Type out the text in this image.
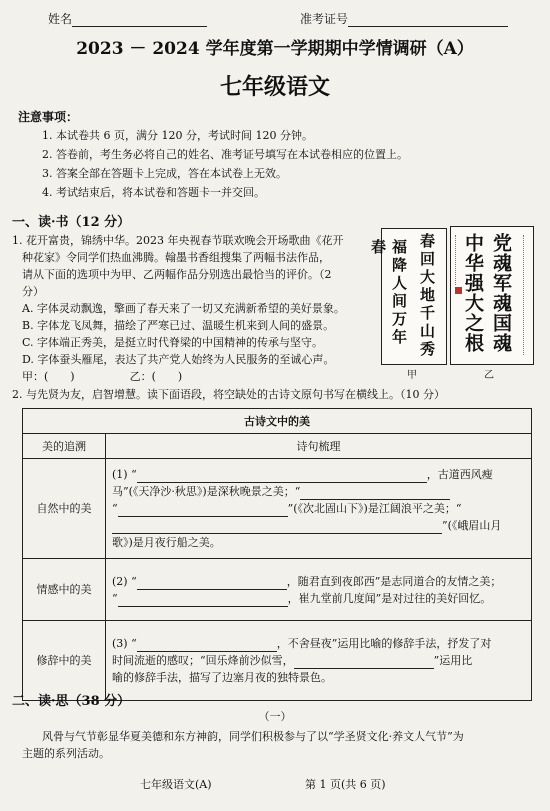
姓名	准考证号
2023 － 2024 学年度第一学期期中学情调研（A）
七年级语文
注意事项：
1. 本试卷共 6 页，满分 120 分，考试时间 120 分钟。
2. 答卷前，考生务必将自己的姓名、准考证号填写在本试卷相应的位置上。
3. 答案全部在答题卡上完成，答在本试卷上无效。
4. 考试结束后，将本试卷和答题卡一并交回。
一、读·书（12 分）
1. 花开富贵，锦绣中华。2023 年央视春节联欢晚会开场歌曲《花开
种花家》令同学们热血沸腾。翰墨书香组搜集了两幅书法作品，
请从下面的选项中为甲、乙两幅作品分别选出最恰当的评价。（2
分）
A. 字体灵动飘逸，擎画了春天来了一切又充满新希望的美好景象。
B. 字体龙飞凤舞，描绘了严寒已过、温暖生机来到人间的盛景。
C. 字体端正秀美，是挺立时代脊梁的中国精神的传承与坚守。
D. 字体蚕头雁尾，表达了共产党人始终为人民服务的至诚心声。
甲：(　　)　　　　　乙：(　　)
春回大地千山秀
福降人间万年春
甲
党魂军魂国魂
中华强大之根
乙
2. 与先贤为友，启智增慧。读下面语段，将空缺处的古诗文原句书写在横线上。（10 分）
古诗文中的美	
美的追溯	诗句梳理
自然中的美	(1) “ ，古道西风瘦
马”(《天净沙·秋思》)是深秋晚景之美；“
“ ”(《次北固山下》)是江阔浪平之美；“
”(《峨眉山月
歌》)是月夜行船之美。

情感中的美	(2) “ ，随君直到夜郎西”是志同道合的友情之美；
“ ，崔九堂前几度闻”是对过往的美好回忆。

修辞中的美	(3) “ ，不舍昼夜”运用比喻的修辞手法，抒发了对
时间流逝的感叹；“回乐烽前沙似雪， ”运用比
喻的修辞手法，描写了边塞月夜的独特景色。
二、读·思（38 分）
（一）
风骨与气节彰显华夏美德和东方神韵，同学们积极参与了以“学圣贤文化·养文人气节”为
主题的系列活动。
七年级语文(A)	第 1 页(共 6 页)
